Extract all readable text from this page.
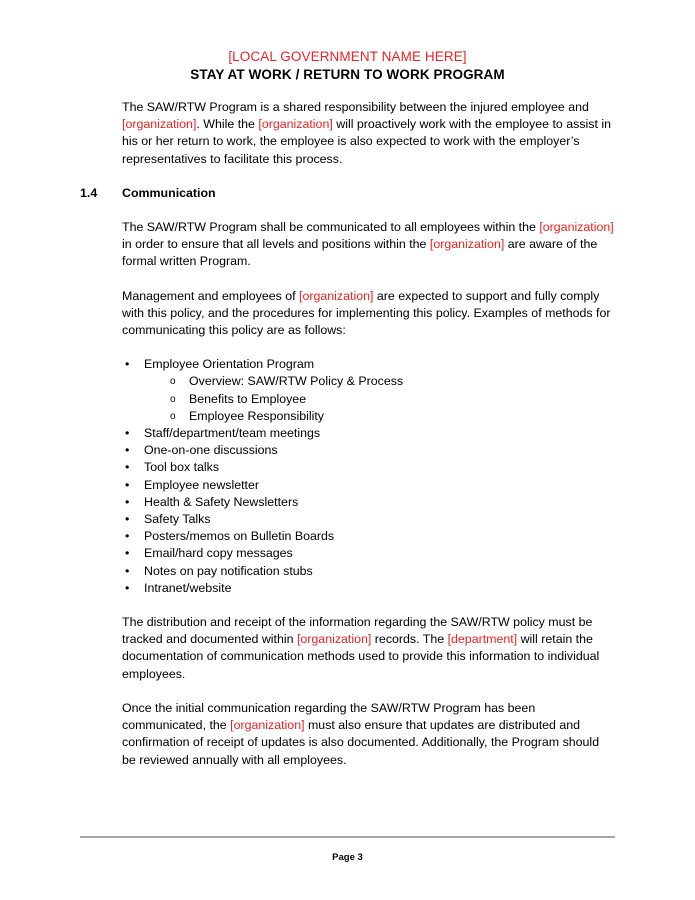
[LOCAL GOVERNMENT NAME HERE]
STAY AT WORK / RETURN TO WORK PROGRAM

The SAW/RTW Program is a shared responsibility between the injured employee and [organization]. While the [organization] will proactively work with the employee to assist in his or her return to work, the employee is also expected to work with the employer’s representatives to facilitate this process.

1.4 Communication

The SAW/RTW Program shall be communicated to all employees within the [organization] in order to ensure that all levels and positions within the [organization] are aware of the formal written Program.

Management and employees of [organization] are expected to support and fully comply with this policy, and the procedures for implementing this policy. Examples of methods for communicating this policy are as follows:

• Employee Orientation Program
o Overview: SAW/RTW Policy & Process
o Benefits to Employee
o Employee Responsibility
• Staff/department/team meetings
• One-on-one discussions
• Tool box talks
• Employee newsletter
• Health & Safety Newsletters
• Safety Talks
• Posters/memos on Bulletin Boards
• Email/hard copy messages
• Notes on pay notification stubs
• Intranet/website

The distribution and receipt of the information regarding the SAW/RTW policy must be tracked and documented within [organization] records. The [department] will retain the documentation of communication methods used to provide this information to individual employees.

Once the initial communication regarding the SAW/RTW Program has been communicated, the [organization] must also ensure that updates are distributed and confirmation of receipt of updates is also documented. Additionally, the Program should be reviewed annually with all employees.

Page 3
